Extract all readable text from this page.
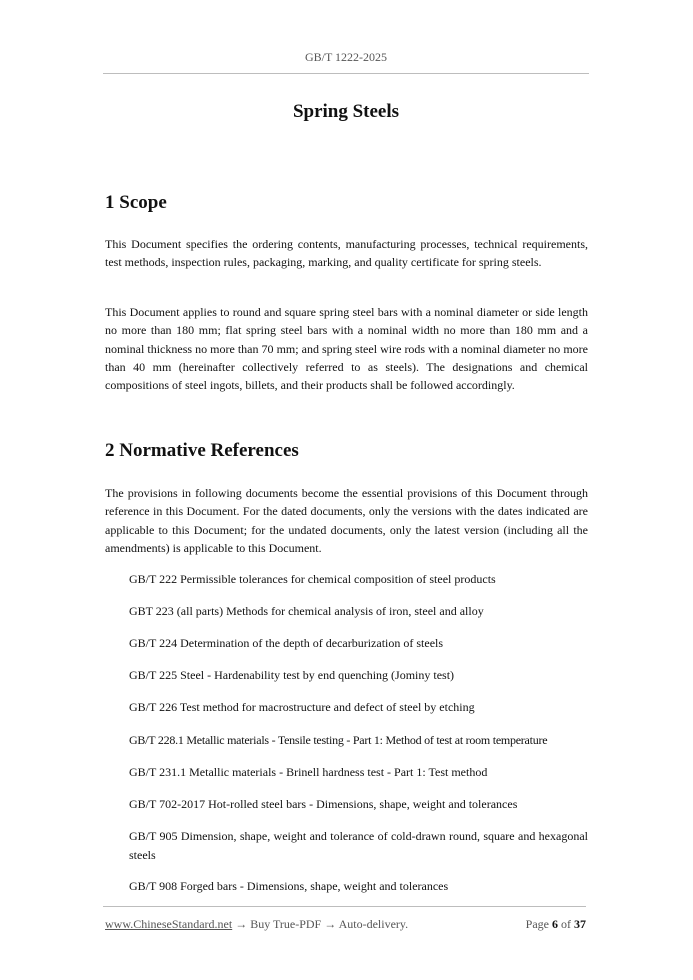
GB/T 1222-2025
Spring Steels
1 Scope

This Document specifies the ordering contents, manufacturing processes, technical requirements, test methods, inspection rules, packaging, marking, and quality certificate for spring steels.

This Document applies to round and square spring steel bars with a nominal diameter or side length no more than 180 mm; flat spring steel bars with a nominal width no more than 180 mm and a nominal thickness no more than 70 mm; and spring steel wire rods with a nominal diameter no more than 40 mm (hereinafter collectively referred to as steels). The designations and chemical compositions of steel ingots, billets, and their products shall be followed accordingly.

2 Normative References

The provisions in following documents become the essential provisions of this Document through reference in this Document. For the dated documents, only the versions with the dates indicated are applicable to this Document; for the undated documents, only the latest version (including all the amendments) is applicable to this Document.

GB/T 222 Permissible tolerances for chemical composition of steel products

GBT 223 (all parts) Methods for chemical analysis of iron, steel and alloy

GB/T 224 Determination of the depth of decarburization of steels

GB/T 225 Steel - Hardenability test by end quenching (Jominy test)

GB/T 226 Test method for macrostructure and defect of steel by etching

GB/T 228.1 Metallic materials - Tensile testing - Part 1: Method of test at room temperature

GB/T 231.1 Metallic materials - Brinell hardness test - Part 1: Test method

GB/T 702-2017 Hot-rolled steel bars - Dimensions, shape, weight and tolerances

GB/T 905 Dimension, shape, weight and tolerance of cold-drawn round, square and hexagonal steels

GB/T 908 Forged bars - Dimensions, shape, weight and tolerances

www.ChineseStandard.net → Buy True-PDF → Auto-delivery.	Page 6 of 37
